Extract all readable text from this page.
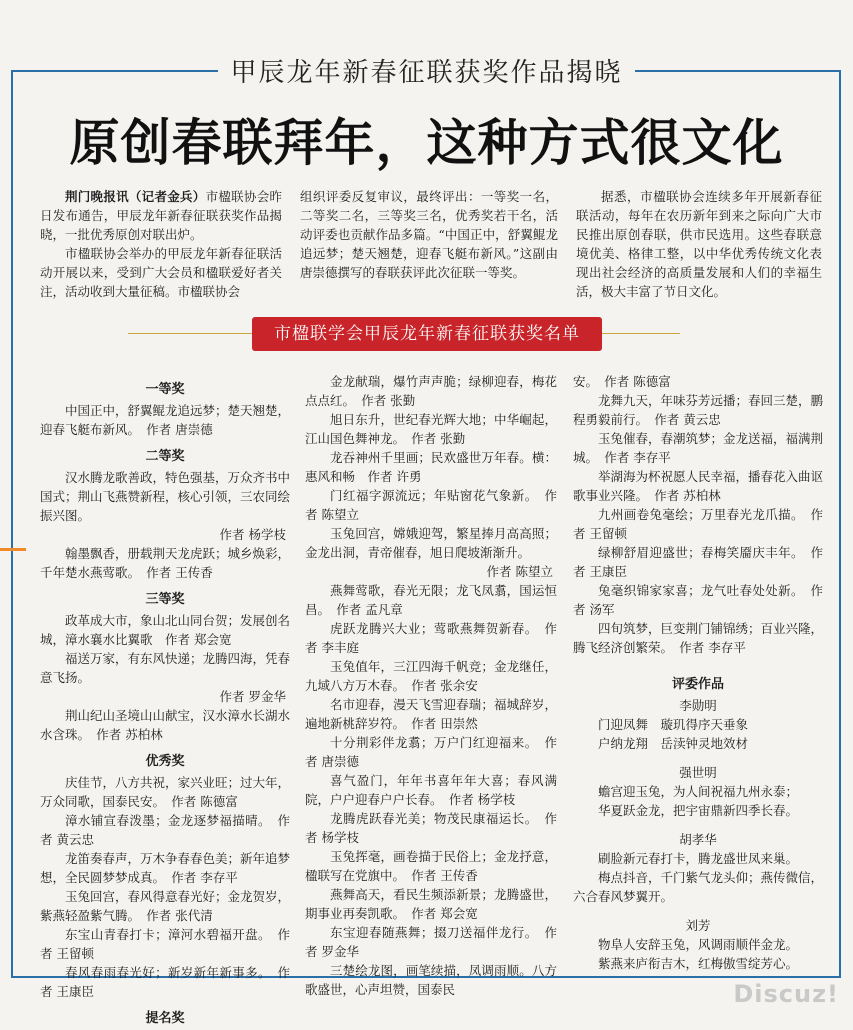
甲辰龙年新春征联获奖作品揭晓
原创春联拜年，这种方式很文化

荆门晚报讯（记者金兵）市楹联协会昨日发布通告，甲辰龙年新春征联获奖作品揭晓，一批优秀原创对联出炉。

市楹联协会举办的甲辰龙年新春征联活动开展以来，受到广大会员和楹联爱好者关注，活动收到大量征稿。市楹联协会

组织评委反复审议，最终评出：一等奖一名，二等奖二名，三等奖三名，优秀奖若干名，活动评委也贡献作品多篇。“中国正中，舒翼鲲龙追远梦；楚天翘楚，迎春飞艇布新风。”这副由唐崇德撰写的春联获评此次征联一等奖。

据悉，市楹联协会连续多年开展新春征联活动，每年在农历新年到来之际向广大市民推出原创春联，供市民选用。这些春联意境优美、格律工整，以中华优秀传统文化表现出社会经济的高质量发展和人们的幸福生活，极大丰富了节日文化。

市楹联学会甲辰龙年新春征联获奖名单
一等奖
中国正中，舒翼鲲龙追远梦；楚天翘楚，迎春飞艇布新风。　作者 唐崇德
二等奖
汉水腾龙歌善政，特色强基，万众齐书中国式；荆山飞燕赞新程，核心引领，三农同绘振兴图。
作者 杨学枝
翰墨飘香，册载荆天龙虎跃；城乡焕彩，千年楚水燕莺歌。　作者 王传香
三等奖
政革成大市，象山北山同台贺；发展创名城，漳水襄水比翼歌　作者 郑会宽
福送万家，有东风快递；龙腾四海，凭春意飞扬。
作者 罗金华
荆山纪山圣境山山献宝，汉水漳水长湖水水含珠。　作者 苏柏林
优秀奖
庆佳节，八方共祝，家兴业旺；过大年，万众同歌，国泰民安。　作者 陈德富
漳水铺宣春泼墨；金龙逐梦福描晴。　作者 黄云忠
龙笛奏春声，万木争春春色美；新年追梦想，全民圆梦梦成真。　作者 李存平
玉兔回宫，春风得意春光好；金龙贺岁，紫燕轻盈紫气腾。　作者 张代清
东宝山青春打卡；漳河水碧福开盘。　作者 王留顿
春风春雨春光好；新岁新年新事多。　作者 王康臣
提名奖
金龙献瑞，爆竹声声脆；绿柳迎春，梅花点点红。　作者 张勤
旭日东升，世纪春光辉大地；中华崛起，江山国色舞神龙。　作者 张勤
龙吞神州千里画；民欢盛世万年春。横：惠风和畅　作者 许勇
门红福字源流远；年贴窗花气象新。　作者 陈望立
玉兔回宫，嫦娥迎驾，繁星捧月高高照；金龙出洞，青帝催春，旭日爬坡渐渐升。
作者 陈望立
燕舞莺歌，春光无限；龙飞凤翥，国运恒昌。　作者 孟凡章
虎跃龙腾兴大业；莺歌燕舞贺新春。　作者 李丰庭
玉兔值年，三江四海千帆竞；金龙继任，九域八方万木春。　作者 张余安
名市迎春，漫天飞雪迎春瑞；福城辞岁，遍地新桃辞岁符。　作者 田崇然
十分荆彩伴龙翥；万户门红迎福来。　作者 唐崇德
喜气盈门，年年书喜年年大喜；春风满院，户户迎春户户长春。　作者 杨学枝
龙腾虎跃春光美；物茂民康福运长。　作者 杨学枝
玉兔挥毫，画卷描于民俗上；金龙抒意，楹联写在党旗中。　作者 王传香
燕舞高天，看民生频添新景；龙腾盛世，期事业再奏凯歌。　作者 郑会宽
东宝迎春随燕舞；掇刀送福伴龙行。　作者 罗金华
三楚绘龙图，画笔续描，凤调雨顺。八方歌盛世，心声坦赞，国泰民
安。　作者 陈德富
龙舞九天，年味芬芳远播；春回三楚，鹏程勇毅前行。　作者 黄云忠
玉兔催春，春潮筑梦；金龙送福，福满荆城。　作者 李存平
举湖海为杯祝愿人民幸福，播春花入曲讴歌事业兴隆。　作者 苏柏林
九州画卷兔毫绘；万里春光龙爪描。　作者 王留顿
绿柳舒眉迎盛世；春梅笑靥庆丰年。　作者 王康臣
兔毫织锦家家喜；龙气吐春处处新。　作者 汤军
四旬筑梦，巨变荆门铺锦绣；百业兴隆，腾飞经济创繁荣。　作者 李存平
评委作品
李勋明
门迎凤舞　璇玑得序天垂象
户纳龙翔　岳渎钟灵地效材
强世明
蟾宫迎玉兔，为人间祝福九州永泰；
华夏跃金龙，把宇宙鼎新四季长春。
胡孝华
刷脸新元春打卡，腾龙盛世凤来巢。
梅点抖音，千门紫气龙头仰；燕传微信，六合春风梦翼开。
刘芳
物阜人安辞玉兔，风调雨顺伴金龙。
紫燕来庐衔吉木，红梅傲雪绽芳心。
Discuz!
